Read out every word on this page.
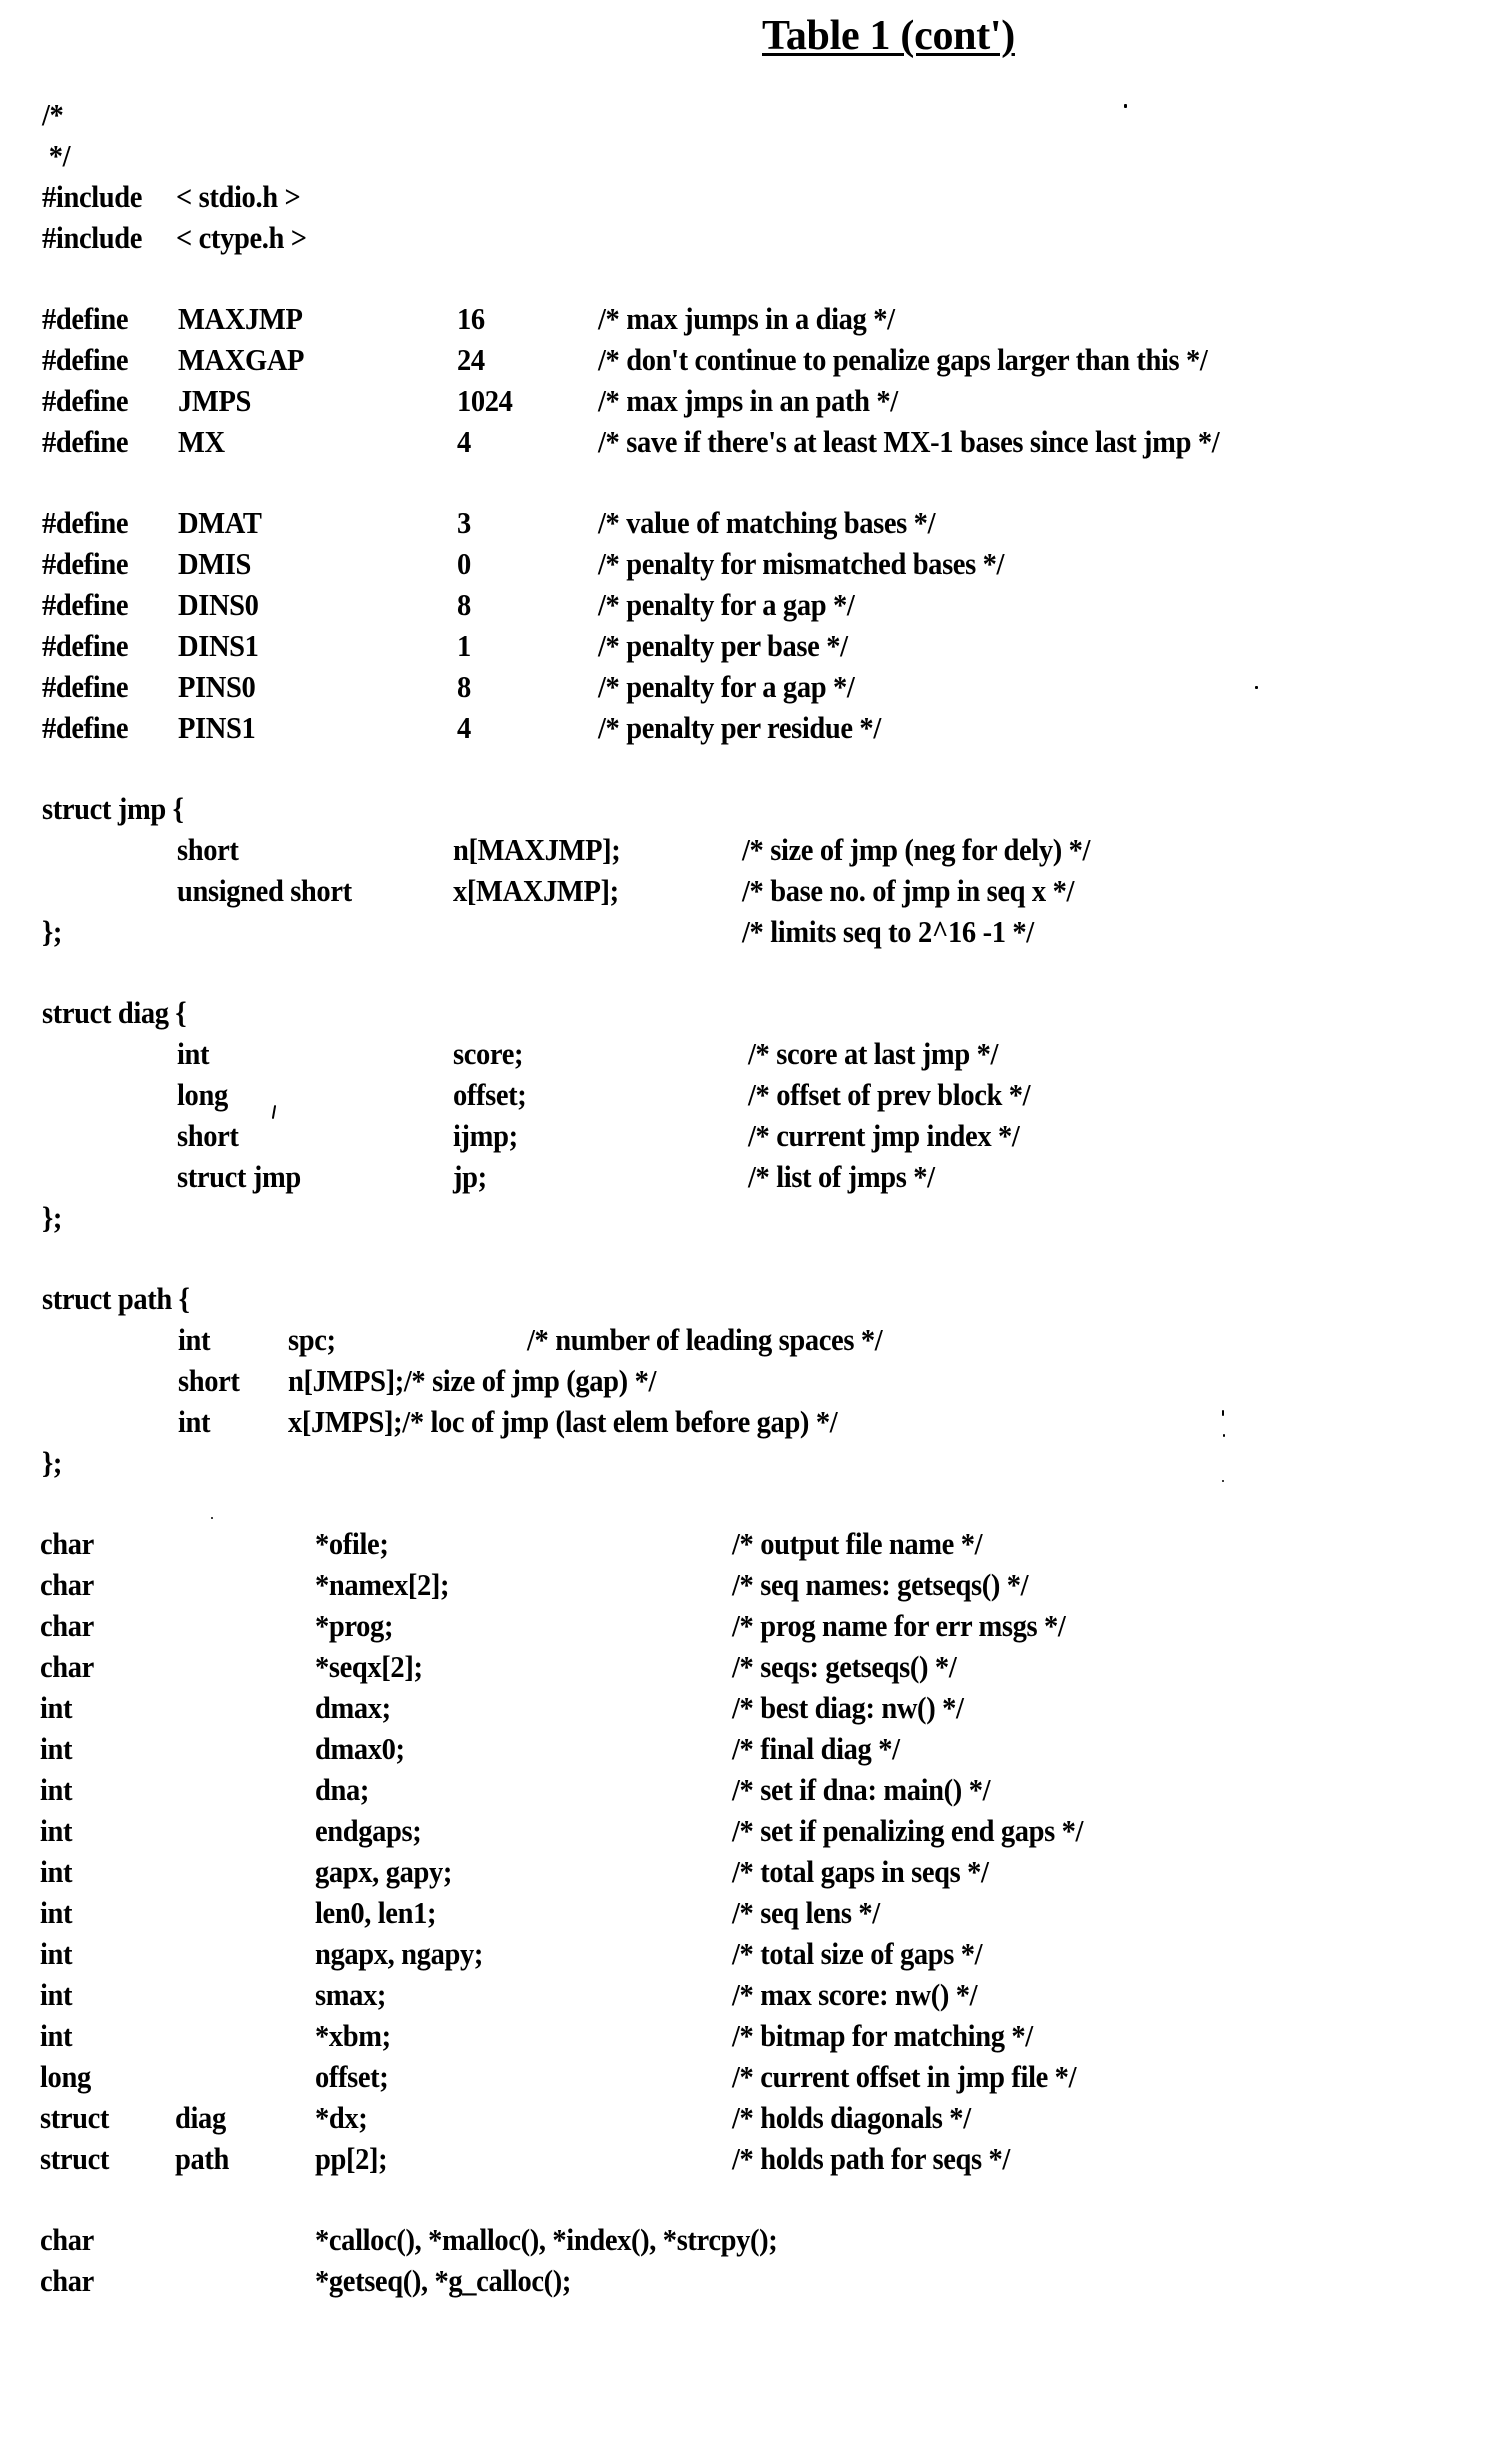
Table 1 (cont')
/*
*/
#include < stdio.h >
#include < ctype.h >
#define MAXJMP	16	/* max jumps in a diag */
#define MAXGAP	24	/* don't continue to penalize gaps larger than this */
#define JMPS	1024	/* max jmps in an path */
#define MX	4	/* save if there's at least MX-1 bases since last jmp */
#define DMAT	3	/* value of matching bases */
#define DMIS	0	/* penalty for mismatched bases */
#define DINS0	8	/* penalty for a gap */
#define DINS1	1	/* penalty per base */
#define PINS0	8	/* penalty for a gap */
#define PINS1	4	/* penalty per residue */
struct jmp {
short	n[MAXJMP];	/* size of jmp (neg for dely) */
unsigned short	x[MAXJMP];	/* base no. of jmp in seq x */
};	/* limits seq to 2^16 -1 */
struct diag {
int	score;	/* score at last jmp */
long	offset;	/* offset of prev block */
short	ijmp;	/* current jmp index */
struct jmp	jp;	/* list of jmps */
};
struct path {
int	spc;	/* number of leading spaces */
short n[JMPS];/* size of jmp (gap) */
int	x[JMPS];/* loc of jmp (last elem before gap) */
};
char	*ofile;	/* output file name */
char	*namex[2];	/* seq names: getseqs() */
char	*prog;	/* prog name for err msgs */
char	*seqx[2];	/* seqs: getseqs() */
int	dmax;	/* best diag: nw() */
int	dmax0;	/* final diag */
int	dna;	/* set if dna: main() */
int	endgaps;	/* set if penalizing end gaps */
int	gapx, gapy;	/* total gaps in seqs */
int	len0, len1;	/* seq lens */
int	ngapx, ngapy;	/* total size of gaps */
int	smax;	/* max score: nw() */
int	*xbm;	/* bitmap for matching */
long	offset;	/* current offset in jmp file */
struct diag	*dx;	/* holds diagonals */
struct path	pp[2];	/* holds path for seqs */
char	*calloc(), *malloc(), *index(), *strcpy();
char	*getseq(), *g_calloc();
